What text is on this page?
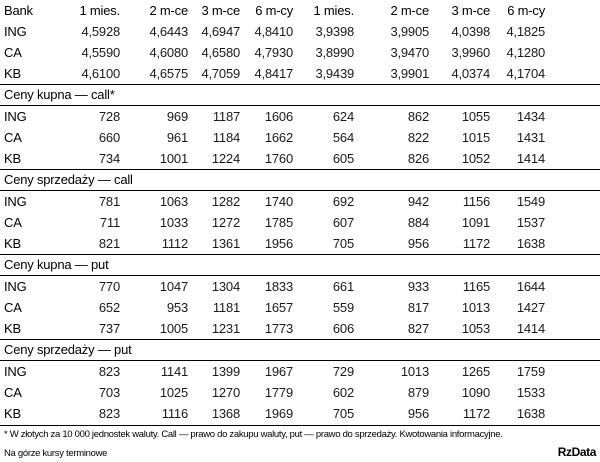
Bank	1 mies. 2 m-ce 3 m-ce 6 m-cy 1 mies.	2 m-ce 3 m-ce 6 m-cy
ING	4,5928 4,6443 4,6947 4,8410 3,9398	3,9905 4,0398 4,1825
CA	4,5590 4,6080 4,6580 4,7930 3,8990	3,9470 3,9960 4,1280
KB	4,6100 4,6575 4,7059 4,8417 3,9439	3,9901 4,0374 4,1704
Ceny kupna — call*
ING	728	969 1187 1606	624	862	1055 1434
CA	660	961 1184 1662	564	822	1015 1431
KB	734	1001 1224 1760	605	826	1052 1414
Ceny sprzedaży — call
ING	781	1063 1282 1740	692	942	1156 1549
CA	711	1033 1272 1785	607	884	1091 1537
KB	821	1112 1361 1956	705	956	1172 1638
Ceny kupna — put
ING	770	1047 1304 1833	661	933	1165 1644
CA	652	953 1181 1657	559	817	1013 1427
KB	737	1005 1231 1773	606	827	1053 1414
Ceny sprzedaży — put
ING	823	1141 1399 1967	729	1013	1265 1759
CA	703	1025 1270 1779	602	879	1090 1533
KB	823	1116 1368 1969	705	956	1172 1638
* W złotych za 10 000 jednostek waluty. Call — prawo do zakupu waluty, put — prawo do sprzedaży. Kwotowania informacyjne.
Na górze kursy terminowe	RzData
